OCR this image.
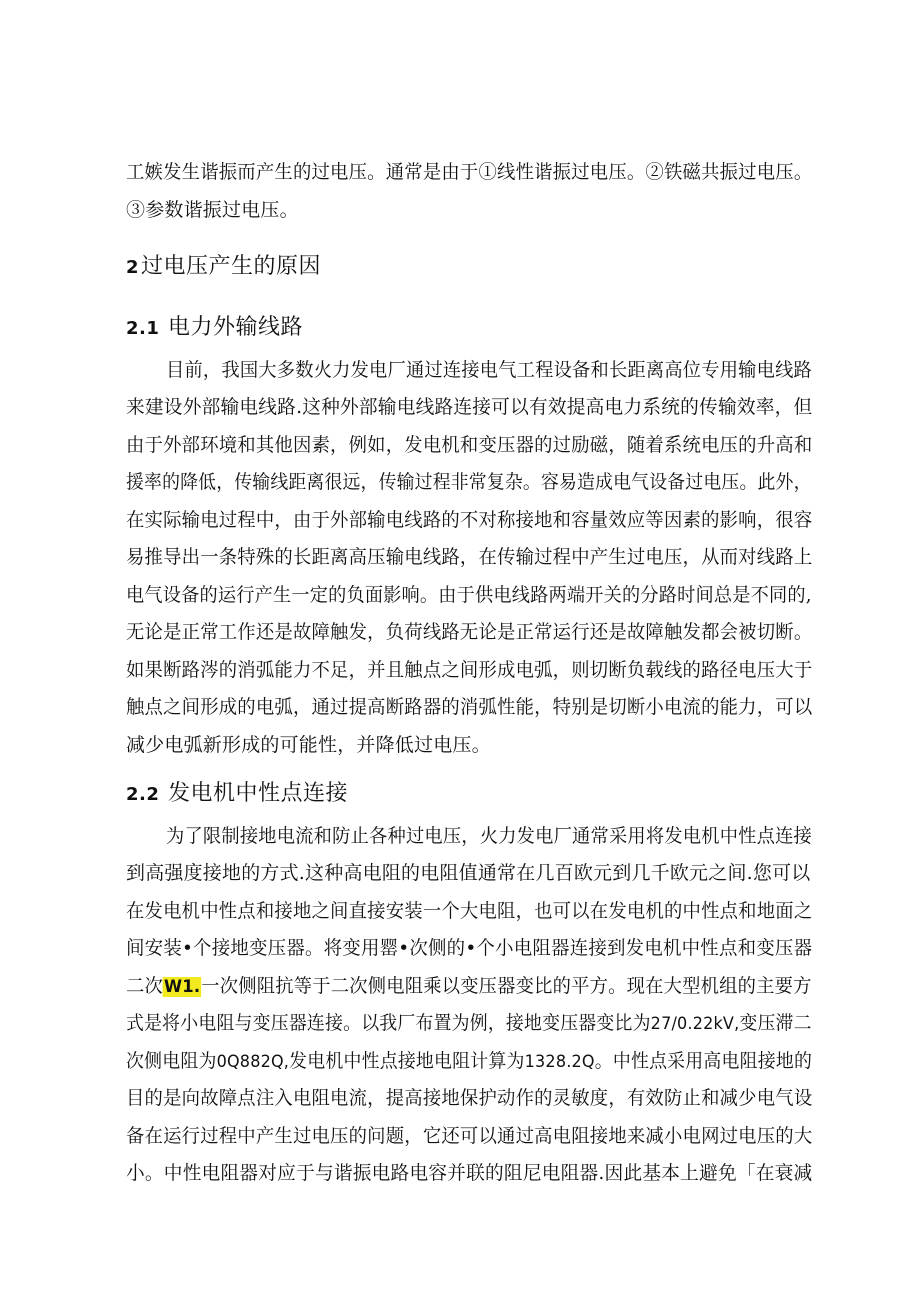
工嫉发生谐振而产生的过电压。通常是由于①线性谐振过电压。②铁磁共振过电压。
③参数谐振过电压。
2过电压产生的原因
2.1 电力外输线路
目前，我国大多数火力发电厂通过连接电气工程设备和长距离高位专用输电线路
来建设外部输电线路.这种外部输电线路连接可以有效提高电力系统的传输效率，但
由于外部环境和其他因素，例如，发电机和变压器的过励磁，随着系统电压的升高和
援率的降低，传输线距离很远，传输过程非常复杂。容易造成电气设备过电压。此外，
在实际输电过程中，由于外部输电线路的不对称接地和容量效应等因素的影响，很容
易推导出一条特殊的长距离高压输电线路，在传输过程中产生过电压，从而对线路上
电气设备的运行产生一定的负面影响。由于供电线路两端开关的分路时间总是不同的,
无论是正常工作还是故障触发，负荷线路无论是正常运行还是故障触发都会被切断。
如果断路涔的消弧能力不足，并且触点之间形成电弧，则切断负载线的路径电压大于
触点之间形成的电弧，通过提高断路器的消弧性能，特别是切断小电流的能力，可以
减少电弧新形成的可能性，并降低过电压。
2.2 发电机中性点连接
为了限制接地电流和防止各种过电压，火力发电厂通常采用将发电机中性点连接
到高强度接地的方式.这种高电阻的电阻值通常在几百欧元到几千欧元之间.您可以
在发电机中性点和接地之间直接安装一个大电阻，也可以在发电机的中性点和地面之
间安装•个接地变压器。将变用罂•次侧的•个小电阻器连接到发电机中性点和变压器
二次W1.一次侧阻抗等于二次侧电阻乘以变压器变比的平方。现在大型机组的主要方
式是将小电阻与变压器连接。以我厂布置为例，接地变压器变比为27/0.22kV,变压滞二
次侧电阻为0Q882Q,发电机中性点接地电阻计算为1328.2Q。中性点采用高电阻接地的
目的是向故障点注入电阻电流，提高接地保护动作的灵敏度，有效防止和减少电气设
备在运行过程中产生过电压的问题，它还可以通过高电阻接地来减小电网过电压的大
小。中性电阻器对应于与谐振电路电容并联的阻尼电阻器.因此基本上避免「在衰减
